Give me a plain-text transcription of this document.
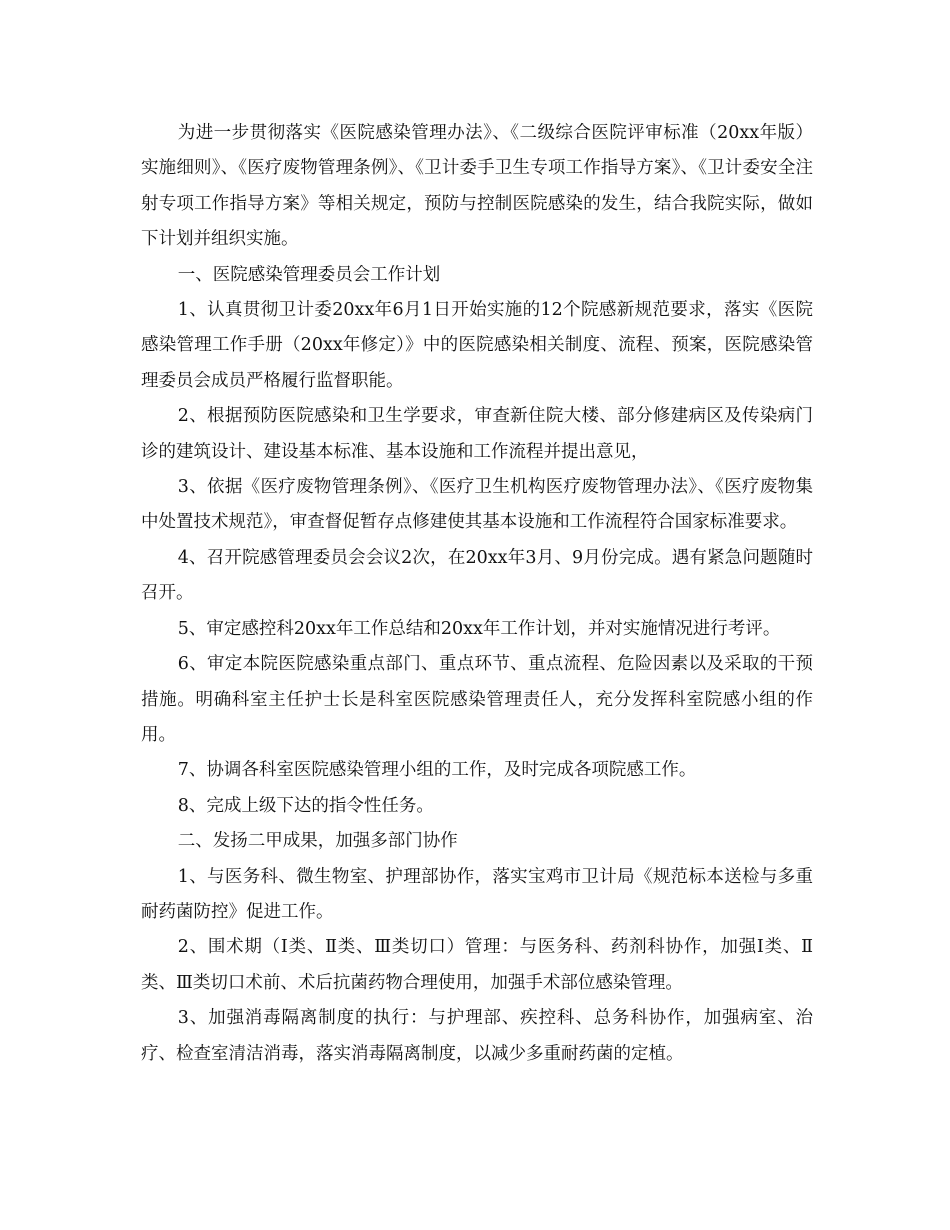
为进一步贯彻落实《医院感染管理办法》、《二级综合医院评审标准（20xx年版）实施细则》、《医疗废物管理条例》、《卫计委手卫生专项工作指导方案》、《卫计委安全注射专项工作指导方案》等相关规定，预防与控制医院感染的发生，结合我院实际，做如下计划并组织实施。

一、医院感染管理委员会工作计划

1、认真贯彻卫计委20xx年6月1日开始实施的12个院感新规范要求，落实《医院感染管理工作手册（20xx年修定）》中的医院感染相关制度、流程、预案，医院感染管理委员会成员严格履行监督职能。

2、根据预防医院感染和卫生学要求，审查新住院大楼、部分修建病区及传染病门诊的建筑设计、建设基本标准、基本设施和工作流程并提出意见，

3、依据《医疗废物管理条例》、《医疗卫生机构医疗废物管理办法》、《医疗废物集中处置技术规范》，审查督促暂存点修建使其基本设施和工作流程符合国家标准要求。

4、召开院感管理委员会会议2次，在20xx年3月、9月份完成。遇有紧急问题随时召开。

5、审定感控科20xx年工作总结和20xx年工作计划，并对实施情况进行考评。

6、审定本院医院感染重点部门、重点环节、重点流程、危险因素以及采取的干预措施。明确科室主任护士长是科室医院感染管理责任人，充分发挥科室院感小组的作用。

7、协调各科室医院感染管理小组的工作，及时完成各项院感工作。

8、完成上级下达的指令性任务。

二、发扬二甲成果，加强多部门协作

1、与医务科、微生物室、护理部协作，落实宝鸡市卫计局《规范标本送检与多重耐药菌防控》促进工作。

2、围术期（Ⅰ类、Ⅱ类、Ⅲ类切口）管理：与医务科、药剂科协作，加强Ⅰ类、Ⅱ类、Ⅲ类切口术前、术后抗菌药物合理使用，加强手术部位感染管理。

3、加强消毒隔离制度的执行：与护理部、疾控科、总务科协作，加强病室、治疗、检查室清洁消毒，落实消毒隔离制度，以减少多重耐药菌的定植。
